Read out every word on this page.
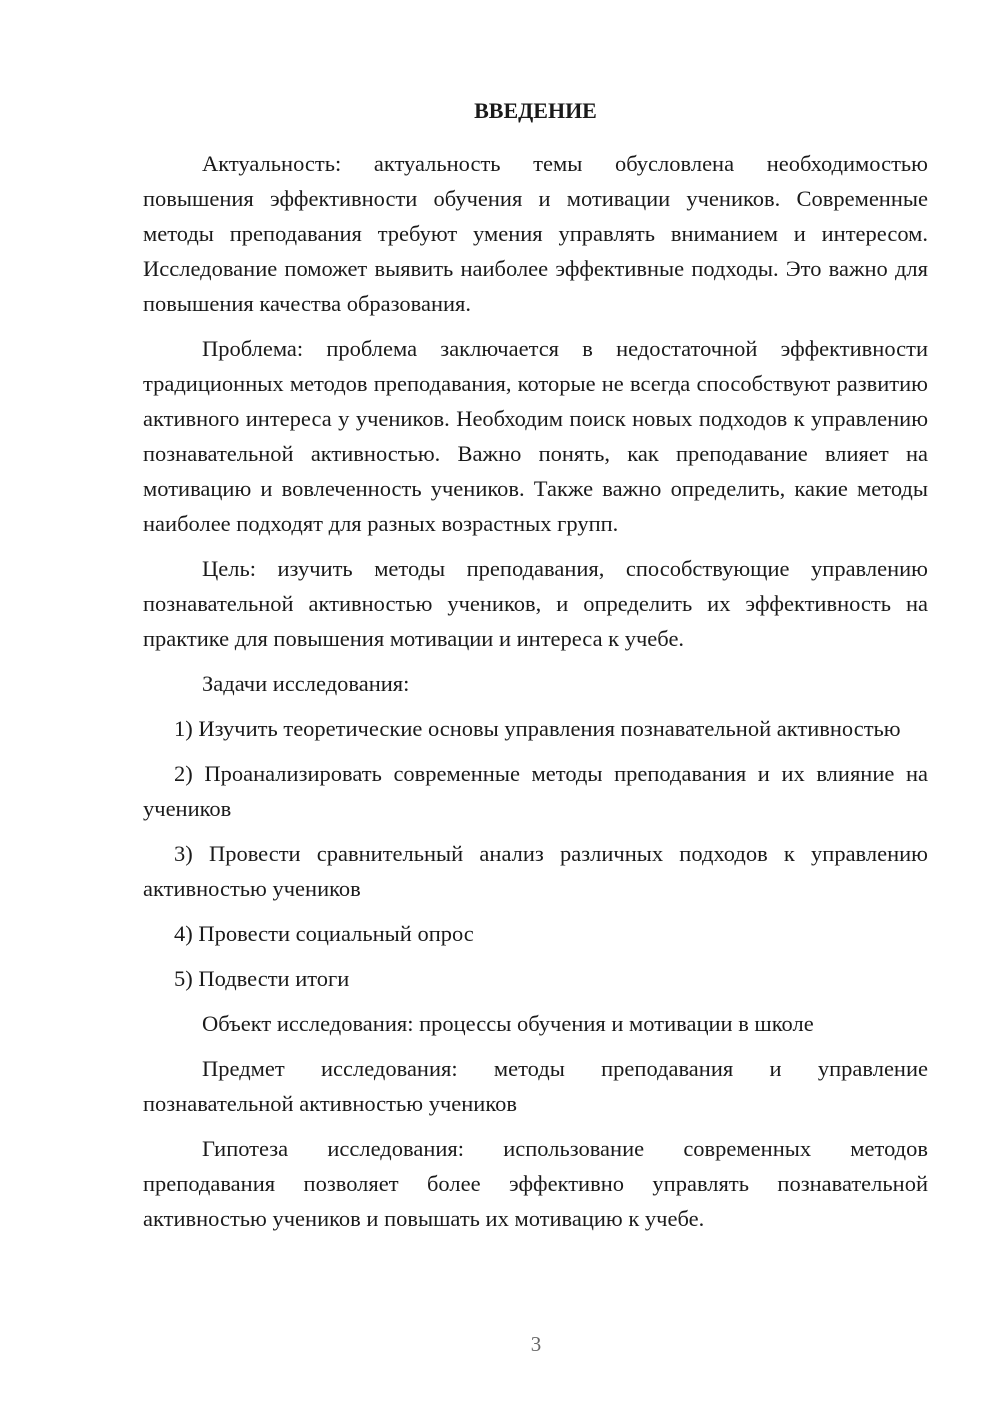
ВВЕДЕНИЕ

Актуальность: актуальность темы обусловлена необходимостью повышения эффективности обучения и мотивации учеников. Современные методы преподавания требуют умения управлять вниманием и интересом. Исследование поможет выявить наиболее эффективные подходы. Это важно для повышения качества образования.

Проблема: проблема заключается в недостаточной эффективности традиционных методов преподавания, которые не всегда способствуют развитию активного интереса у учеников. Необходим поиск новых подходов к управлению познавательной активностью. Важно понять, как преподавание влияет на мотивацию и вовлеченность учеников. Также важно определить, какие методы наиболее подходят для разных возрастных групп.

Цель: изучить методы преподавания, способствующие управлению познавательной активностью учеников, и определить их эффективность на практике для повышения мотивации и интереса к учебе.

Задачи исследования:

1) Изучить теоретические основы управления познавательной активностью

2) Проанализировать современные методы преподавания и их влияние на учеников

3) Провести сравнительный анализ различных подходов к управлению активностью учеников

4) Провести социальный опрос

5) Подвести итоги

Объект исследования: процессы обучения и мотивации в школе

Предмет исследования: методы преподавания и управление познавательной активностью учеников

Гипотеза исследования: использование современных методов преподавания позволяет более эффективно управлять познавательной активностью учеников и повышать их мотивацию к учебе.

3
